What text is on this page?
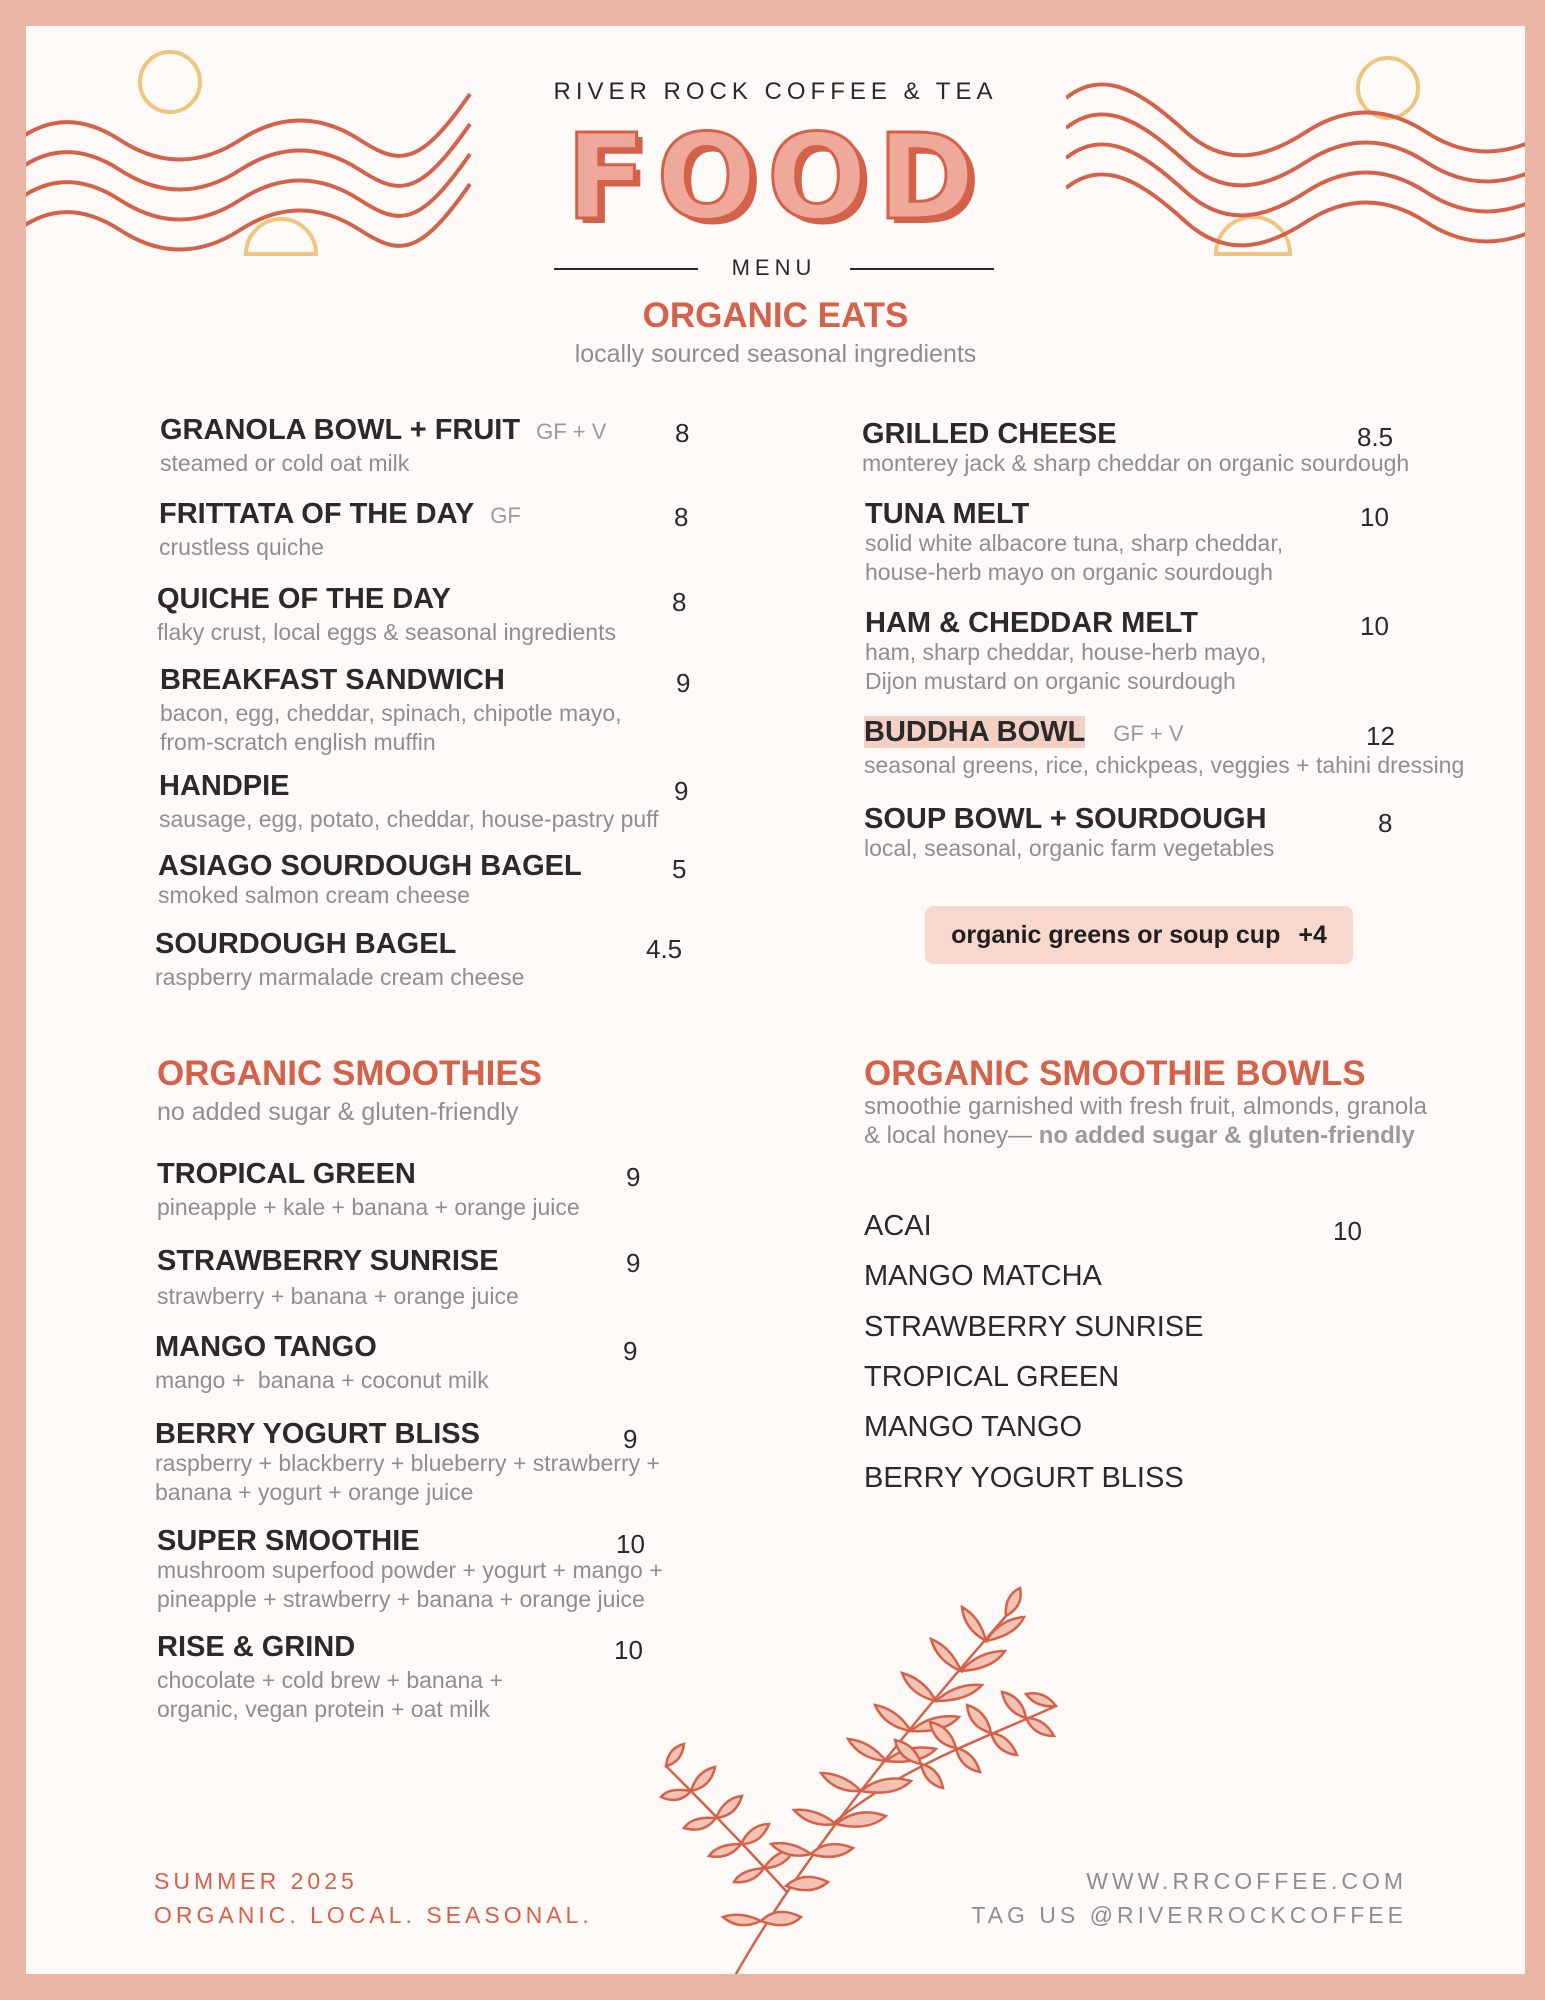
RIVER ROCK COFFEE & TEA
FOOD
MENU
ORGANIC EATS
locally sourced seasonal ingredients
GRANOLA BOWL + FRUIT GF + V
steamed or cold oat milk
8
FRITTATA OF THE DAY GF
crustless quiche
8
QUICHE OF THE DAY
flaky crust, local eggs & seasonal ingredients
8
BREAKFAST SANDWICH
bacon, egg, cheddar, spinach, chipotle mayo,
from-scratch english muffin
9
HANDPIE
sausage, egg, potato, cheddar, house-pastry puff
9
ASIAGO SOURDOUGH BAGEL
smoked salmon cream cheese
5
SOURDOUGH BAGEL
raspberry marmalade cream cheese
4.5
GRILLED CHEESE
monterey jack & sharp cheddar on organic sourdough
8.5
TUNA MELT
solid white albacore tuna, sharp cheddar,
house-herb mayo on organic sourdough
10
HAM & CHEDDAR MELT
ham, sharp cheddar, house-herb mayo,
Dijon mustard on organic sourdough
10
BUDDHA BOWL GF + V
seasonal greens, rice, chickpeas, veggies + tahini dressing
12
SOUP BOWL + SOURDOUGH
local, seasonal, organic farm vegetables
8
organic greens or soup cup +4
ORGANIC SMOOTHIES
no added sugar & gluten-friendly
TROPICAL GREEN
pineapple + kale + banana + orange juice
9
STRAWBERRY SUNRISE
strawberry + banana + orange juice
9
MANGO TANGO
mango +  banana + coconut milk
9
BERRY YOGURT BLISS
raspberry + blackberry + blueberry + strawberry +
banana + yogurt + orange juice
9
SUPER SMOOTHIE
mushroom superfood powder + yogurt + mango +
pineapple + strawberry + banana + orange juice
10
RISE & GRIND
chocolate + cold brew + banana +
organic, vegan protein + oat milk
10
ORGANIC SMOOTHIE BOWLS
smoothie garnished with fresh fruit, almonds, granola
& local honey— no added sugar & gluten-friendly
ACAI	10
MANGO MATCHA
STRAWBERRY SUNRISE
TROPICAL GREEN
MANGO TANGO
BERRY YOGURT BLISS
SUMMER 2025
ORGANIC. LOCAL. SEASONAL.
WWW.RRCOFFEE.COM
TAG US @RIVERROCKCOFFEE
